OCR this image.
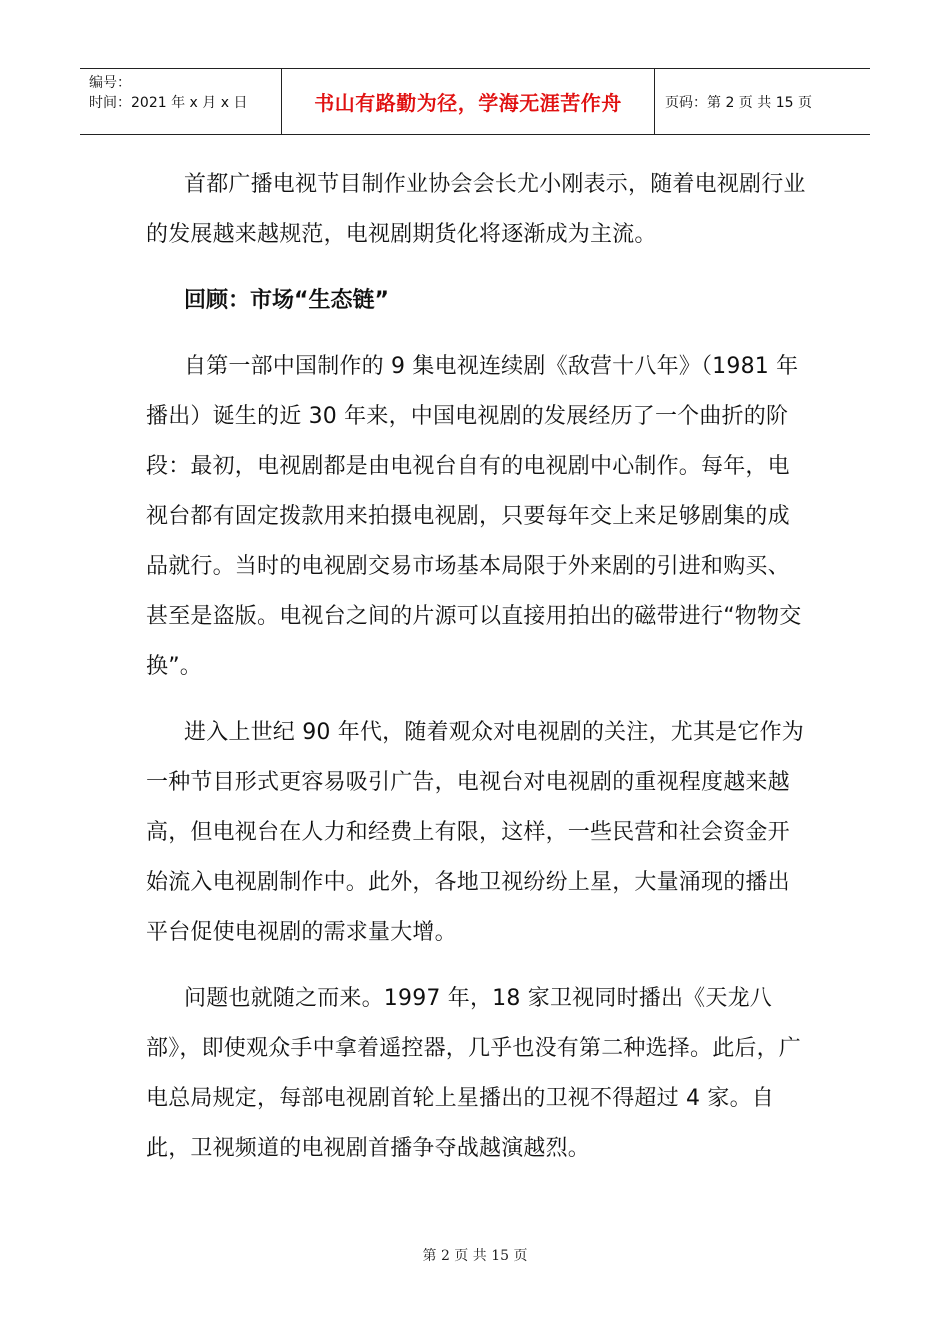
编号：
时间：2021 年 x 月 x 日	书山有路勤为径，学海无涯苦作舟	页码：第 2 页 共 15 页

首都广播电视节目制作业协会会长尤小刚表示，随着电视剧行业的发展越来越规范，电视剧期货化将逐渐成为主流。

回顾：市场“生态链”

自第一部中国制作的 9 集电视连续剧《敌营十八年》（1981 年播出）诞生的近 30 年来，中国电视剧的发展经历了一个曲折的阶段：最初，电视剧都是由电视台自有的电视剧中心制作。每年，电视台都有固定拨款用来拍摄电视剧，只要每年交上来足够剧集的成品就行。当时的电视剧交易市场基本局限于外来剧的引进和购买、甚至是盗版。电视台之间的片源可以直接用拍出的磁带进行“物物交换”。

进入上世纪 90 年代，随着观众对电视剧的关注，尤其是它作为一种节目形式更容易吸引广告，电视台对电视剧的重视程度越来越高，但电视台在人力和经费上有限，这样，一些民营和社会资金开始流入电视剧制作中。此外，各地卫视纷纷上星，大量涌现的播出平台促使电视剧的需求量大增。

问题也就随之而来。1997 年，18 家卫视同时播出《天龙八部》，即使观众手中拿着遥控器，几乎也没有第二种选择。此后，广电总局规定，每部电视剧首轮上星播出的卫视不得超过 4 家。自此，卫视频道的电视剧首播争夺战越演越烈。

第 2 页 共 15 页
